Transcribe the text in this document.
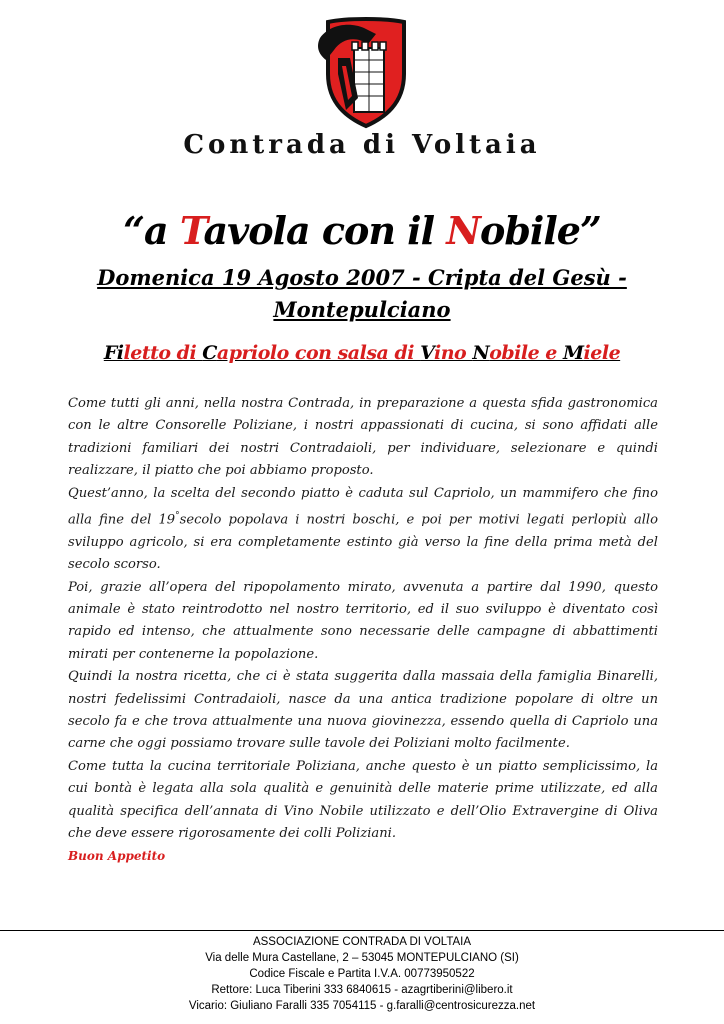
Contrada di Voltaia
“a Tavola con il Nobile”
Domenica 19 Agosto 2007 - Cripta del Gesù - Montepulciano
Filetto di Capriolo con salsa di Vino Nobile e Miele

Come tutti gli anni, nella nostra Contrada, in preparazione a questa sfida gastronomica con le altre Consorelle Poliziane, i nostri appassionati di cucina, si sono affidati alle tradizioni familiari dei nostri Contradaioli, per individuare, selezionare e quindi realizzare, il piatto che poi abbiamo proposto.

Quest’anno, la scelta del secondo piatto è caduta sul Capriolo, un mammifero che fino alla fine del 19°secolo popolava i nostri boschi, e poi per motivi legati perlopiù allo sviluppo agricolo, si era completamente estinto già verso la fine della prima metà del secolo scorso.

Poi, grazie all’opera del ripopolamento mirato, avvenuta a partire dal 1990, questo animale è stato reintrodotto nel nostro territorio, ed il suo sviluppo è diventato così rapido ed intenso, che attualmente sono necessarie delle campagne di abbattimenti mirati per contenerne la popolazione.

Quindi la nostra ricetta, che ci è stata suggerita dalla massaia della famiglia Binarelli, nostri fedelissimi Contradaioli, nasce da una antica tradizione popolare di oltre un secolo fa e che trova attualmente una nuova giovinezza, essendo quella di Capriolo una carne che oggi possiamo trovare sulle tavole dei Poliziani molto facilmente.

Come tutta la cucina territoriale Poliziana, anche questo è un piatto semplicissimo, la cui bontà è legata alla sola qualità e genuinità delle materie prime utilizzate, ed alla qualità specifica dell’annata di Vino Nobile utilizzato e dell’Olio Extravergine di Oliva che deve essere rigorosamente dei colli Poliziani.

Buon Appetito

ASSOCIAZIONE CONTRADA DI VOLTAIA
Via delle Mura Castellane, 2 – 53045 MONTEPULCIANO (SI)
Codice Fiscale e Partita I.V.A. 00773950522
Rettore: Luca Tiberini 333 6840615 - azagrtiberini@libero.it
Vicario: Giuliano Faralli 335 7054115 - g.faralli@centrosicurezza.net
